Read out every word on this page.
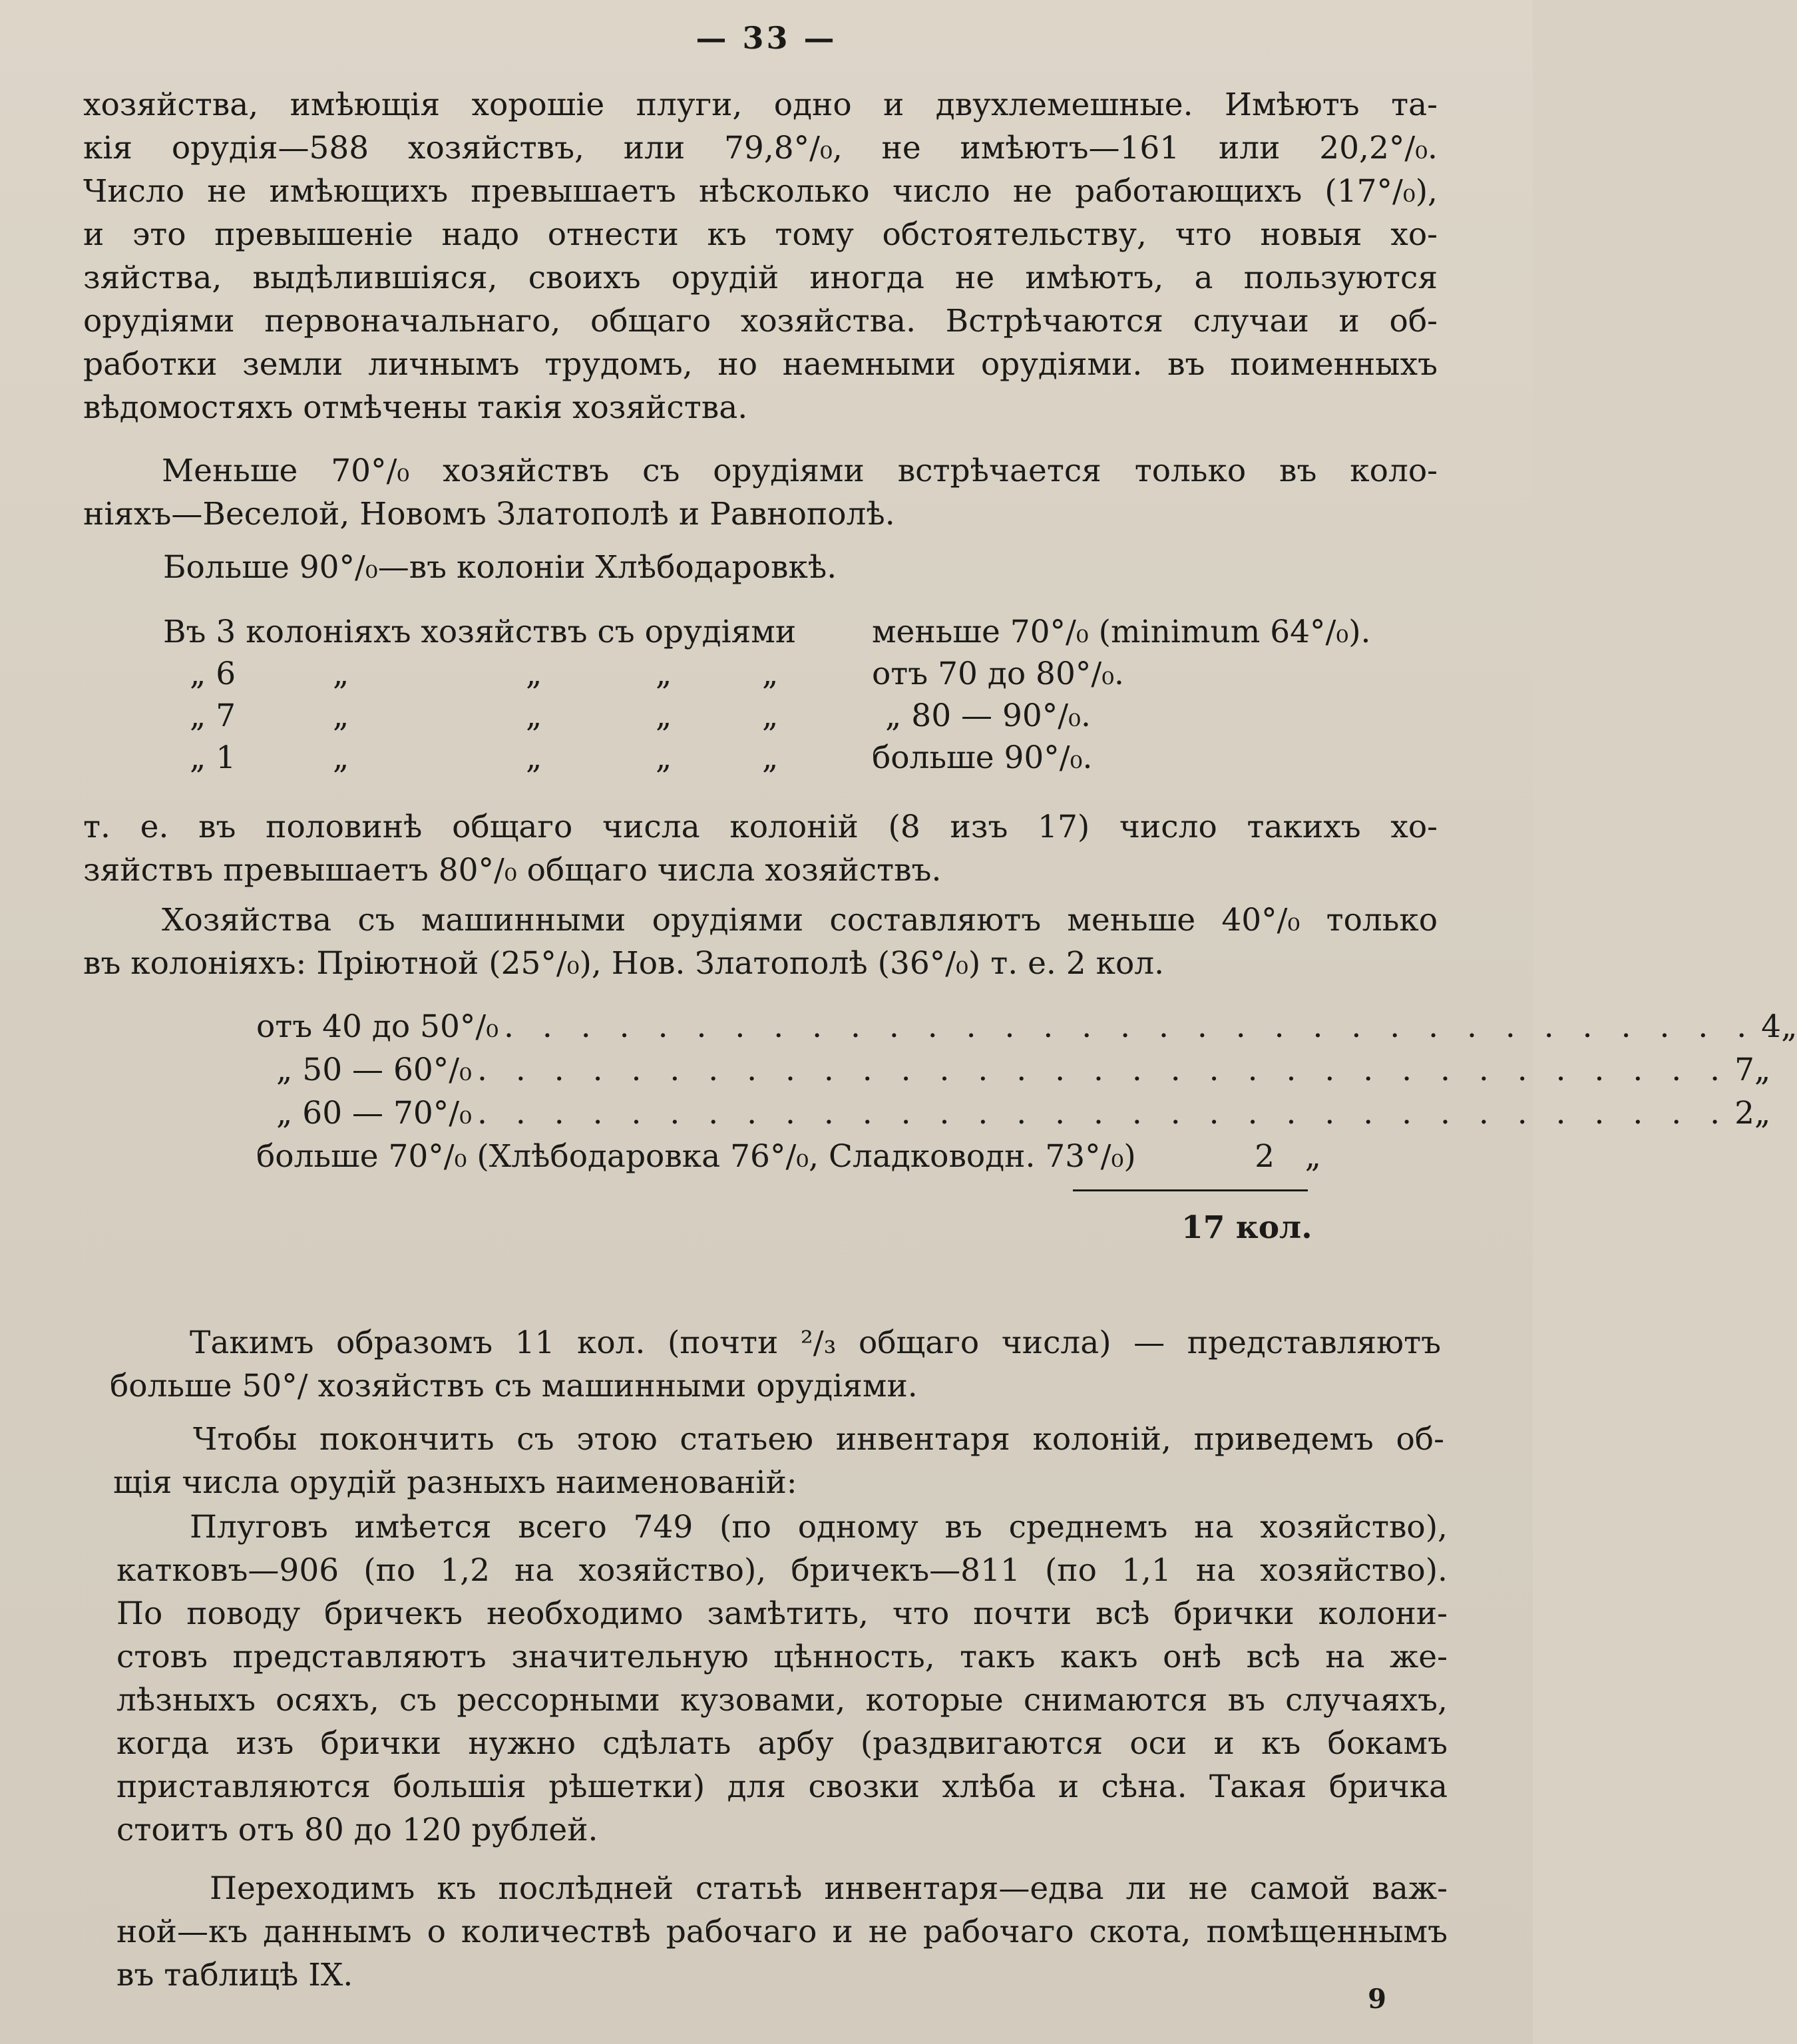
— 33 —
хозяйства, имѣющія хорошіе плуги, одно и двухлемешные. Имѣютъ та-
кія орудія—588 хозяйствъ, или 79,8°/₀, не имѣютъ—161 или 20,2°/₀.
Число не имѣющихъ превышаетъ нѣсколько число не работающихъ (17°/₀),
и это превышеніе надо отнести къ тому обстоятельству, что новыя хо-
зяйства, выдѣлившіяся, своихъ орудій иногда не имѣютъ, а пользуются
орудіями первоначальнаго, общаго хозяйства. Встрѣчаются случаи и об-
работки земли личнымъ трудомъ, но наемными орудіями. въ поименныхъ
вѣдомостяхъ отмѣчены такія хозяйства.
Меньше 70°/₀ хозяйствъ съ орудіями встрѣчается только въ коло-
ніяхъ—Веселой, Новомъ Златополѣ и Равнополѣ.
Больше 90°/₀—въ колоніи Хлѣбодаровкѣ.
Въ 3 колоніяхъ хозяйствъ съ орудіями меньше 70°/₀ (minimum 64°/₀).
„ 6	„	„	„	„	отъ 70 до 80°/₀.
„ 7	„	„	„	„	„ 80 — 90°/₀.
„ 1	„	„	„	„	больше 90°/₀.
т. е. въ половинѣ общаго числа колоній (8 изъ 17) число такихъ хо-
зяйствъ превышаетъ 80°/₀ общаго числа хозяйствъ.
Хозяйства съ машинными орудіями составляютъ меньше 40°/₀ только
въ колоніяхъ: Пріютной (25°/₀), Нов. Златополѣ (36°/₀) т. е. 2 кол.
отъ 40 до 50°/₀ . . . . . . . . . . . . . . . . . . . . . . . . . . . . . . . . . 4 „
„ 50 — 60°/₀ . . . . . . . . . . . . . . . . . . . . . . . . . . . . . . . . . 7 „
„ 60 — 70°/₀ . . . . . . . . . . . . . . . . . . . . . . . . . . . . . . . . . 2 „
больше 70°/₀ (Хлѣбодаровка 76°/₀, Сладководн. 73°/₀)	2 „
17 кол.
Такимъ образомъ 11 кол. (почти ²/₃ общаго числа) — представляютъ
больше 50°/ хозяйствъ съ машинными орудіями.
Чтобы покончить съ этою статьею инвентаря колоній, приведемъ об-
щія числа орудій разныхъ наименованій:
Плуговъ имѣется всего 749 (по одному въ среднемъ на хозяйство),
катковъ—906 (по 1,2 на хозяйство), бричекъ—811 (по 1,1 на хозяйство).
По поводу бричекъ необходимо замѣтить, что почти всѣ брички колони-
стовъ представляютъ значительную цѣнность, такъ какъ онѣ всѣ на же-
лѣзныхъ осяхъ, съ рессорными кузовами, которые снимаются въ случаяхъ,
когда изъ брички нужно сдѣлать арбу (раздвигаются оси и къ бокамъ
приставляются большія рѣшетки) для свозки хлѣба и сѣна. Такая бричка
стоитъ отъ 80 до 120 рублей.
Переходимъ къ послѣдней статьѣ инвентаря—едва ли не самой важ-
ной—къ даннымъ о количествѣ рабочаго и не рабочаго скота, помѣщеннымъ
въ таблицѣ IX.
9
